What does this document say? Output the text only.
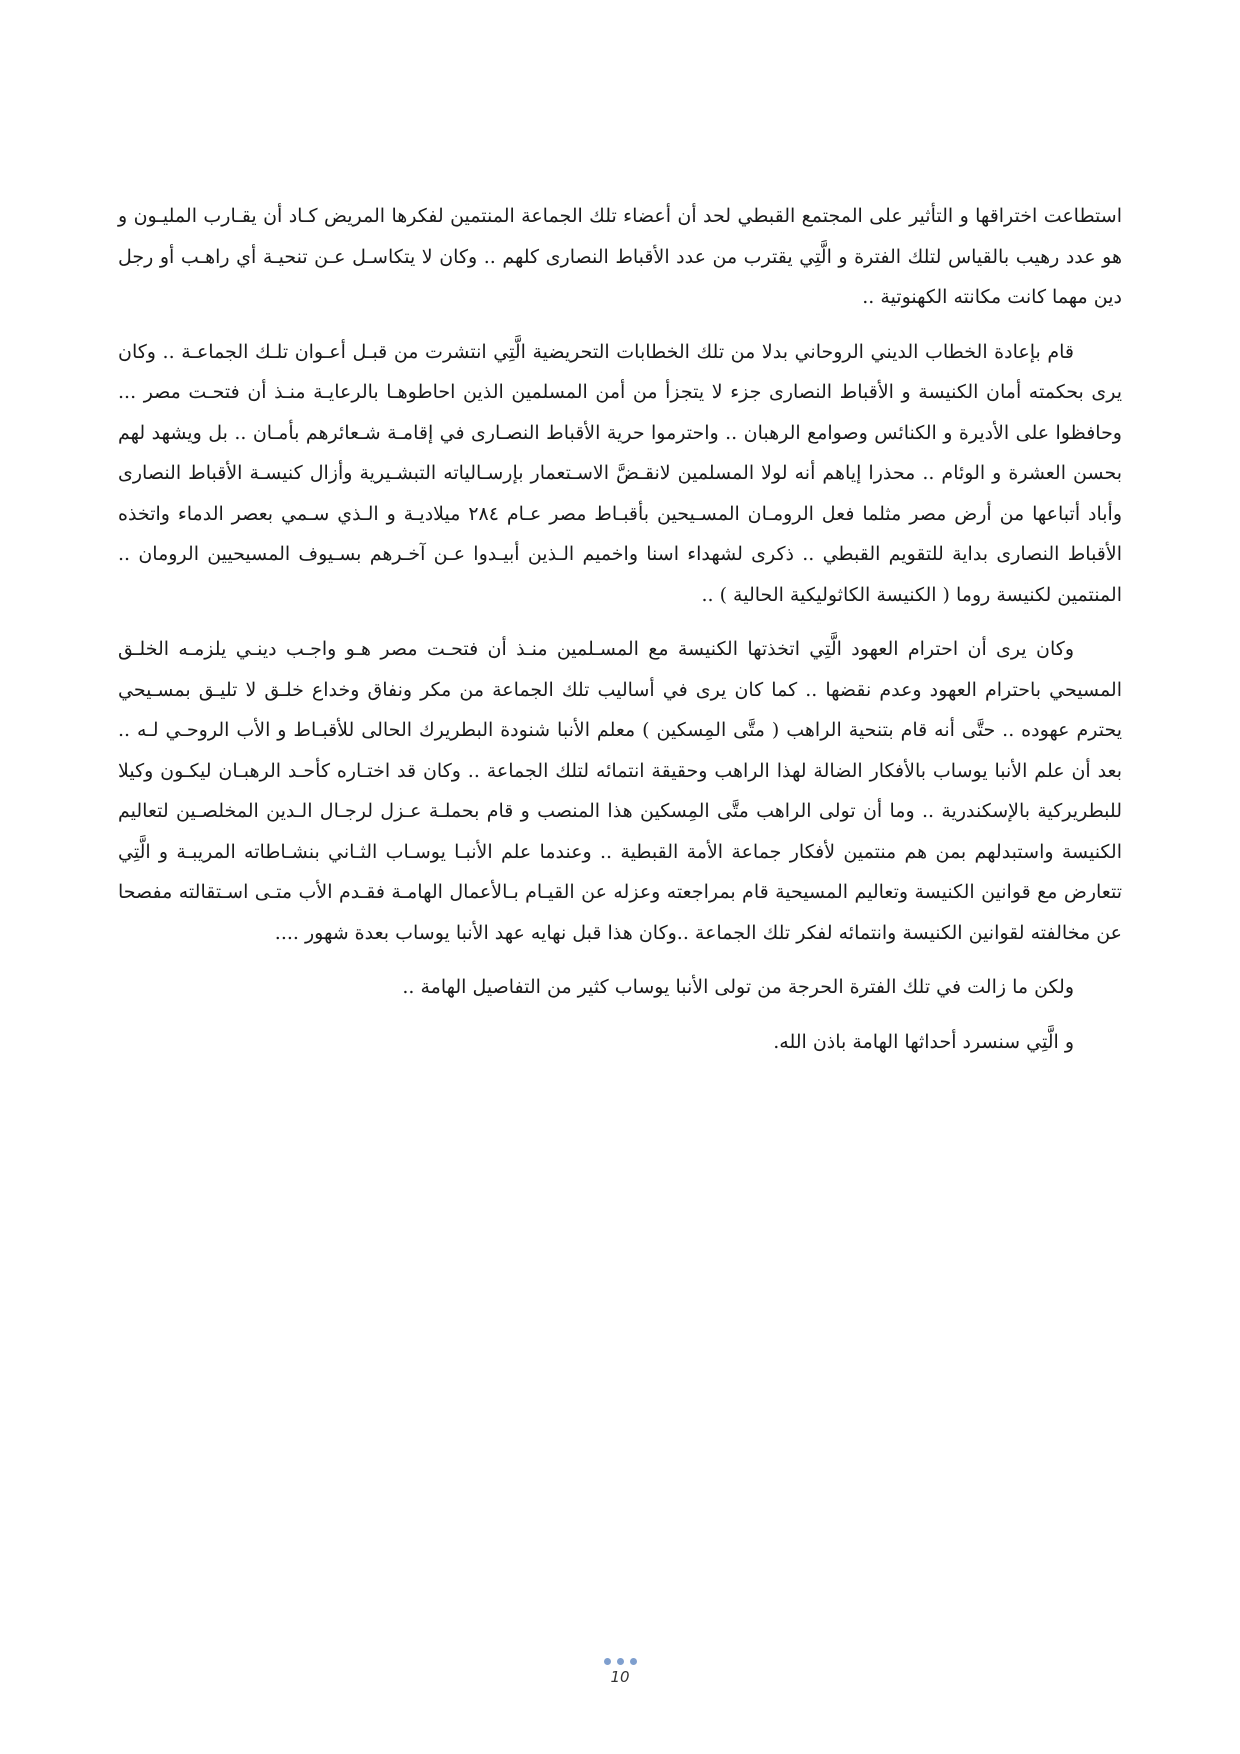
استطاعت اختراقها و التأثير على المجتمع القبطي لحد أن أعضاء تلك الجماعة المنتمين لفكرها المريض كـاد أن يقـارب المليـون و هو عدد رهيب بالقياس لتلك الفترة و الَّتِي يقترب من عدد الأقباط النصارى كلهم .. وكان لا يتكاسـل عـن تنحيـة أي راهـب أو رجل دين مهما كانت مكانته الكهنوتية ..

قام بإعادة الخطاب الديني الروحاني بدلا من تلك الخطابات التحريضية الَّتِي انتشرت من قبـل أعـوان تلـك الجماعـة .. وكان يرى بحكمته أمان الكنيسة و الأقباط النصارى جزء لا يتجزأ من أمن المسلمين الذين احاطوهـا بالرعايـة منـذ أن فتحـت مصر ... وحافظوا على الأديرة و الكنائس وصوامع الرهبان .. واحترموا حرية الأقباط النصـارى في إقامـة شـعائرهم بأمـان .. بل ويشهد لهم بحسن العشرة و الوئام .. محذرا إياهم أنه لولا المسلمين لانقـضَّ الاسـتعمار بإرسـالياته التبشـيرية وأزال كنيسـة الأقباط النصارى وأباد أتباعها من أرض مصر مثلما فعل الرومـان المسـيحين بأقبـاط مصر عـام ٢٨٤ ميلاديـة و الـذي سـمي بعصر الدماء واتخذه الأقباط النصارى بداية للتقويم القبطي .. ذكرى لشهداء اسنا واخميم الـذين أبيـدوا عـن آخـرهم بسـيوف المسيحيين الرومان .. المنتمين لكنيسة روما ( الكنيسة الكاثوليكية الحالية ) ..

وكان يرى أن احترام العهود الَّتِي اتخذتها الكنيسة مع المسـلمين منـذ أن فتحـت مصر هـو واجـب دينـي يلزمـه الخلـق المسيحي باحترام العهود وعدم نقضها .. كما كان يرى في أساليب تلك الجماعة من مكر ونفاق وخداع خلـق لا تليـق بمسـيحي يحترم عهوده .. حتَّى أنه قام بتنحية الراهب ( متَّى المِسكين ) معلم الأنبا شنودة البطريرك الحالى للأقبـاط و الأب الروحـي لـه .. بعد أن علم الأنبا يوساب بالأفكار الضالة لهذا الراهب وحقيقة انتمائه لتلك الجماعة .. وكان قد اختـاره كأحـد الرهبـان ليكـون وكيلا للبطريركية بالإسكندرية .. وما أن تولى الراهب متَّى المِسكين هذا المنصب و قام بحملـة عـزل لرجـال الـدين المخلصـين لتعاليم الكنيسة واستبدلهم بمن هم منتمين لأفكار جماعة الأمة القبطية .. وعندما علم الأنبـا يوسـاب الثـاني بنشـاطاته المريبـة و الَّتِي تتعارض مع قوانين الكنيسة وتعاليم المسيحية قام بمراجعته وعزله عن القيـام بـالأعمال الهامـة فقـدم الأب متـى اسـتقالته مفصحا عن مخالفته لقوانين الكنيسة وانتمائه لفكر تلك الجماعة ..وكان هذا قبل نهايه عهد الأنبا يوساب بعدة شهور ....

ولكن ما زالت في تلك الفترة الحرجة من تولى الأنبا يوساب كثير من التفاصيل الهامة ..

و الَّتِي سنسرد أحداثها الهامة باذن الله.

10
